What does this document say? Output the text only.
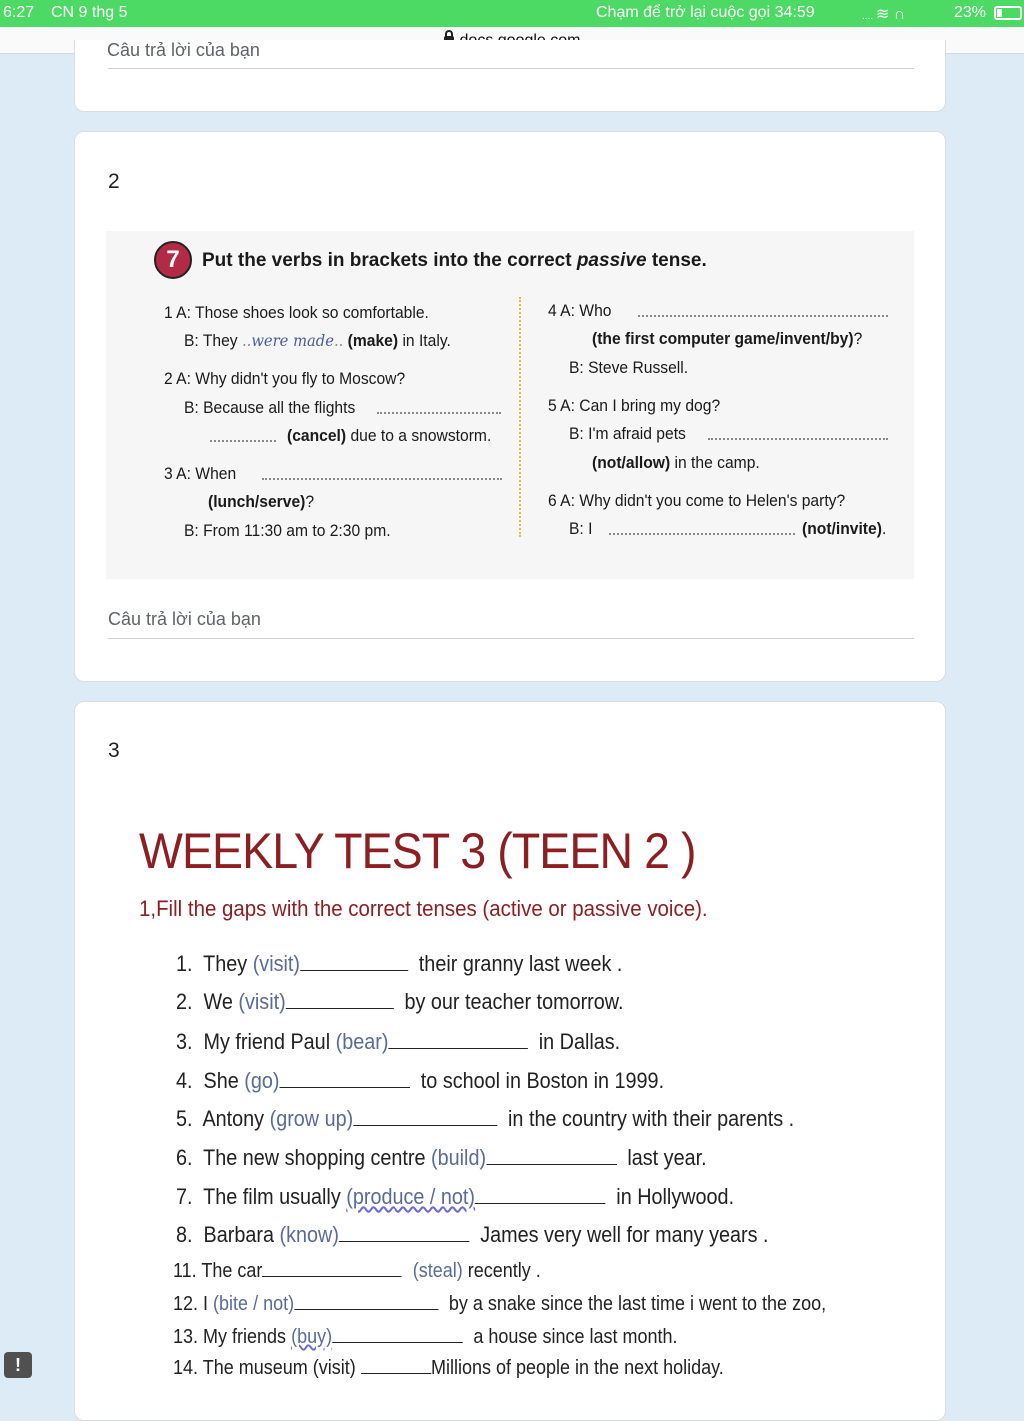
6:27 CN 9 thg 5	Chạm để trở lại cuộc gọi 34:59	.... ≋ ∩	23%
Câu trả lời của bạn
2
7	Put the verbs in brackets into the correct passive tense.
1 A: Those shoes look so comfortable.
B: They ..were made.. (make) in Italy.
2 A: Why didn't you fly to Moscow?
B: Because all the flights
(cancel) due to a snowstorm.
3 A: When
(lunch/serve)?
B: From 11:30 am to 2:30 pm.
4 A: Who
(the first computer game/invent/by)?
B: Steve Russell.
5 A: Can I bring my dog?
B: I'm afraid pets
(not/allow) in the camp.
6 A: Why didn't you come to Helen's party?
B: I	(not/invite).
Câu trả lời của bạn
3
WEEKLY TEST 3 (TEEN 2 )
1,Fill the gaps with the correct tenses (active or passive voice).
1. They (visit)	their granny last week .
2. We (visit)	by our teacher tomorrow.
3. My friend Paul (bear)	in Dallas.
4. She (go)	to school in Boston in 1999.
5. Antony (grow up)	in the country with their parents .
6. The new shopping centre (build)	last year.
7. The film usually (produce / not)	in Hollywood.
8. Barbara (know)	James very well for many years .
11. The car	(steal) recently .
12. I (bite / not)	by a snake since the last time i went to the zoo,
13. My friends (buy)	a house since last month.
14. The museum (visit)	Millions of people in the next holiday.
!
